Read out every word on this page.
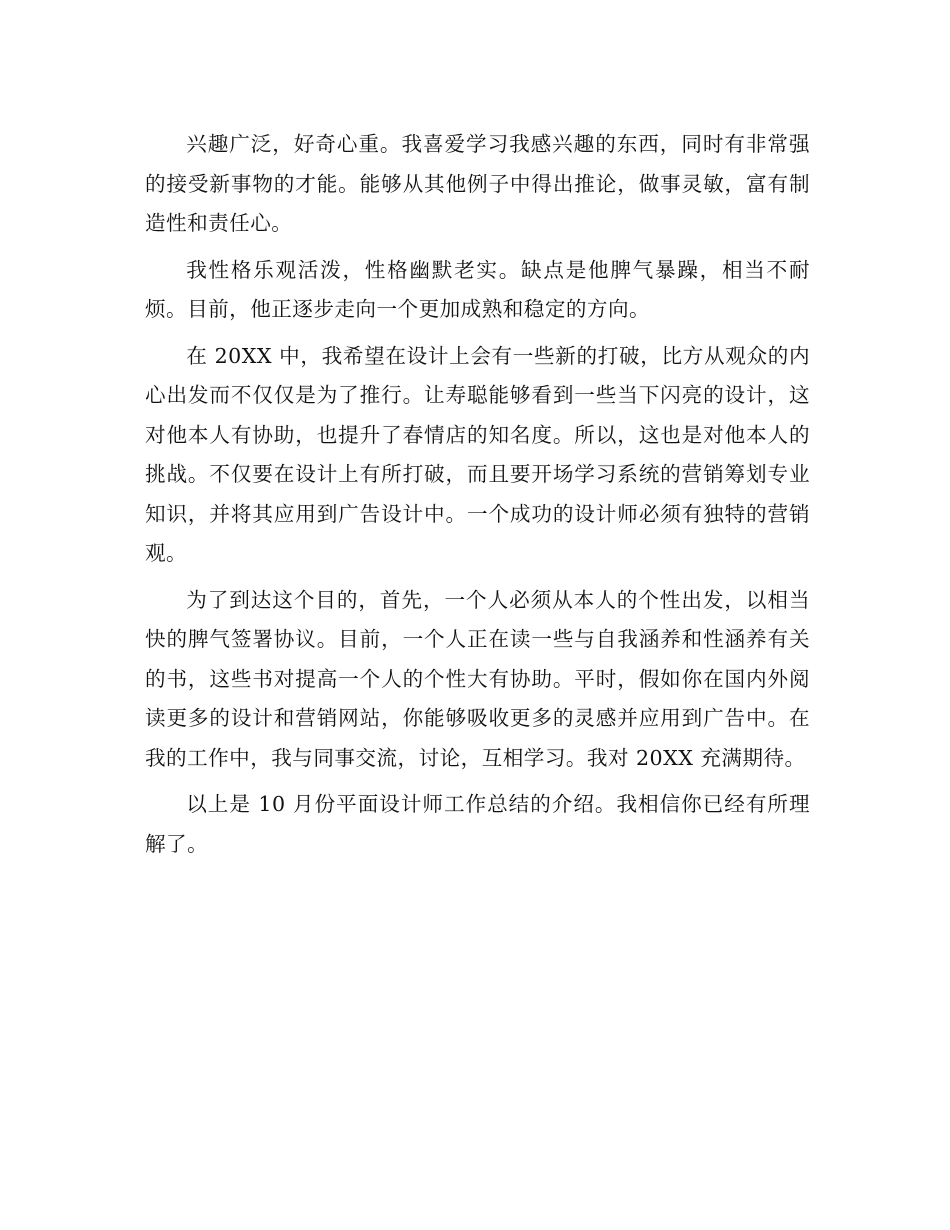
兴趣广泛，好奇心重。我喜爱学习我感兴趣的东西，同时有非常强的接受新事物的才能。能够从其他例子中得出推论，做事灵敏，富有制造性和责任心。

我性格乐观活泼，性格幽默老实。缺点是他脾气暴躁，相当不耐烦。目前，他正逐步走向一个更加成熟和稳定的方向。

在 20XX 中，我希望在设计上会有一些新的打破，比方从观众的内心出发而不仅仅是为了推行。让寿聪能够看到一些当下闪亮的设计，这对他本人有协助，也提升了春情店的知名度。所以，这也是对他本人的挑战。不仅要在设计上有所打破，而且要开场学习系统的营销筹划专业知识，并将其应用到广告设计中。一个成功的设计师必须有独特的营销观。

为了到达这个目的，首先，一个人必须从本人的个性出发，以相当快的脾气签署协议。目前，一个人正在读一些与自我涵养和性涵养有关的书，这些书对提高一个人的个性大有协助。平时，假如你在国内外阅读更多的设计和营销网站，你能够吸收更多的灵感并应用到广告中。在我的工作中，我与同事交流，讨论，互相学习。我对 20XX 充满期待。

以上是 10 月份平面设计师工作总结的介绍。我相信你已经有所理解了。
